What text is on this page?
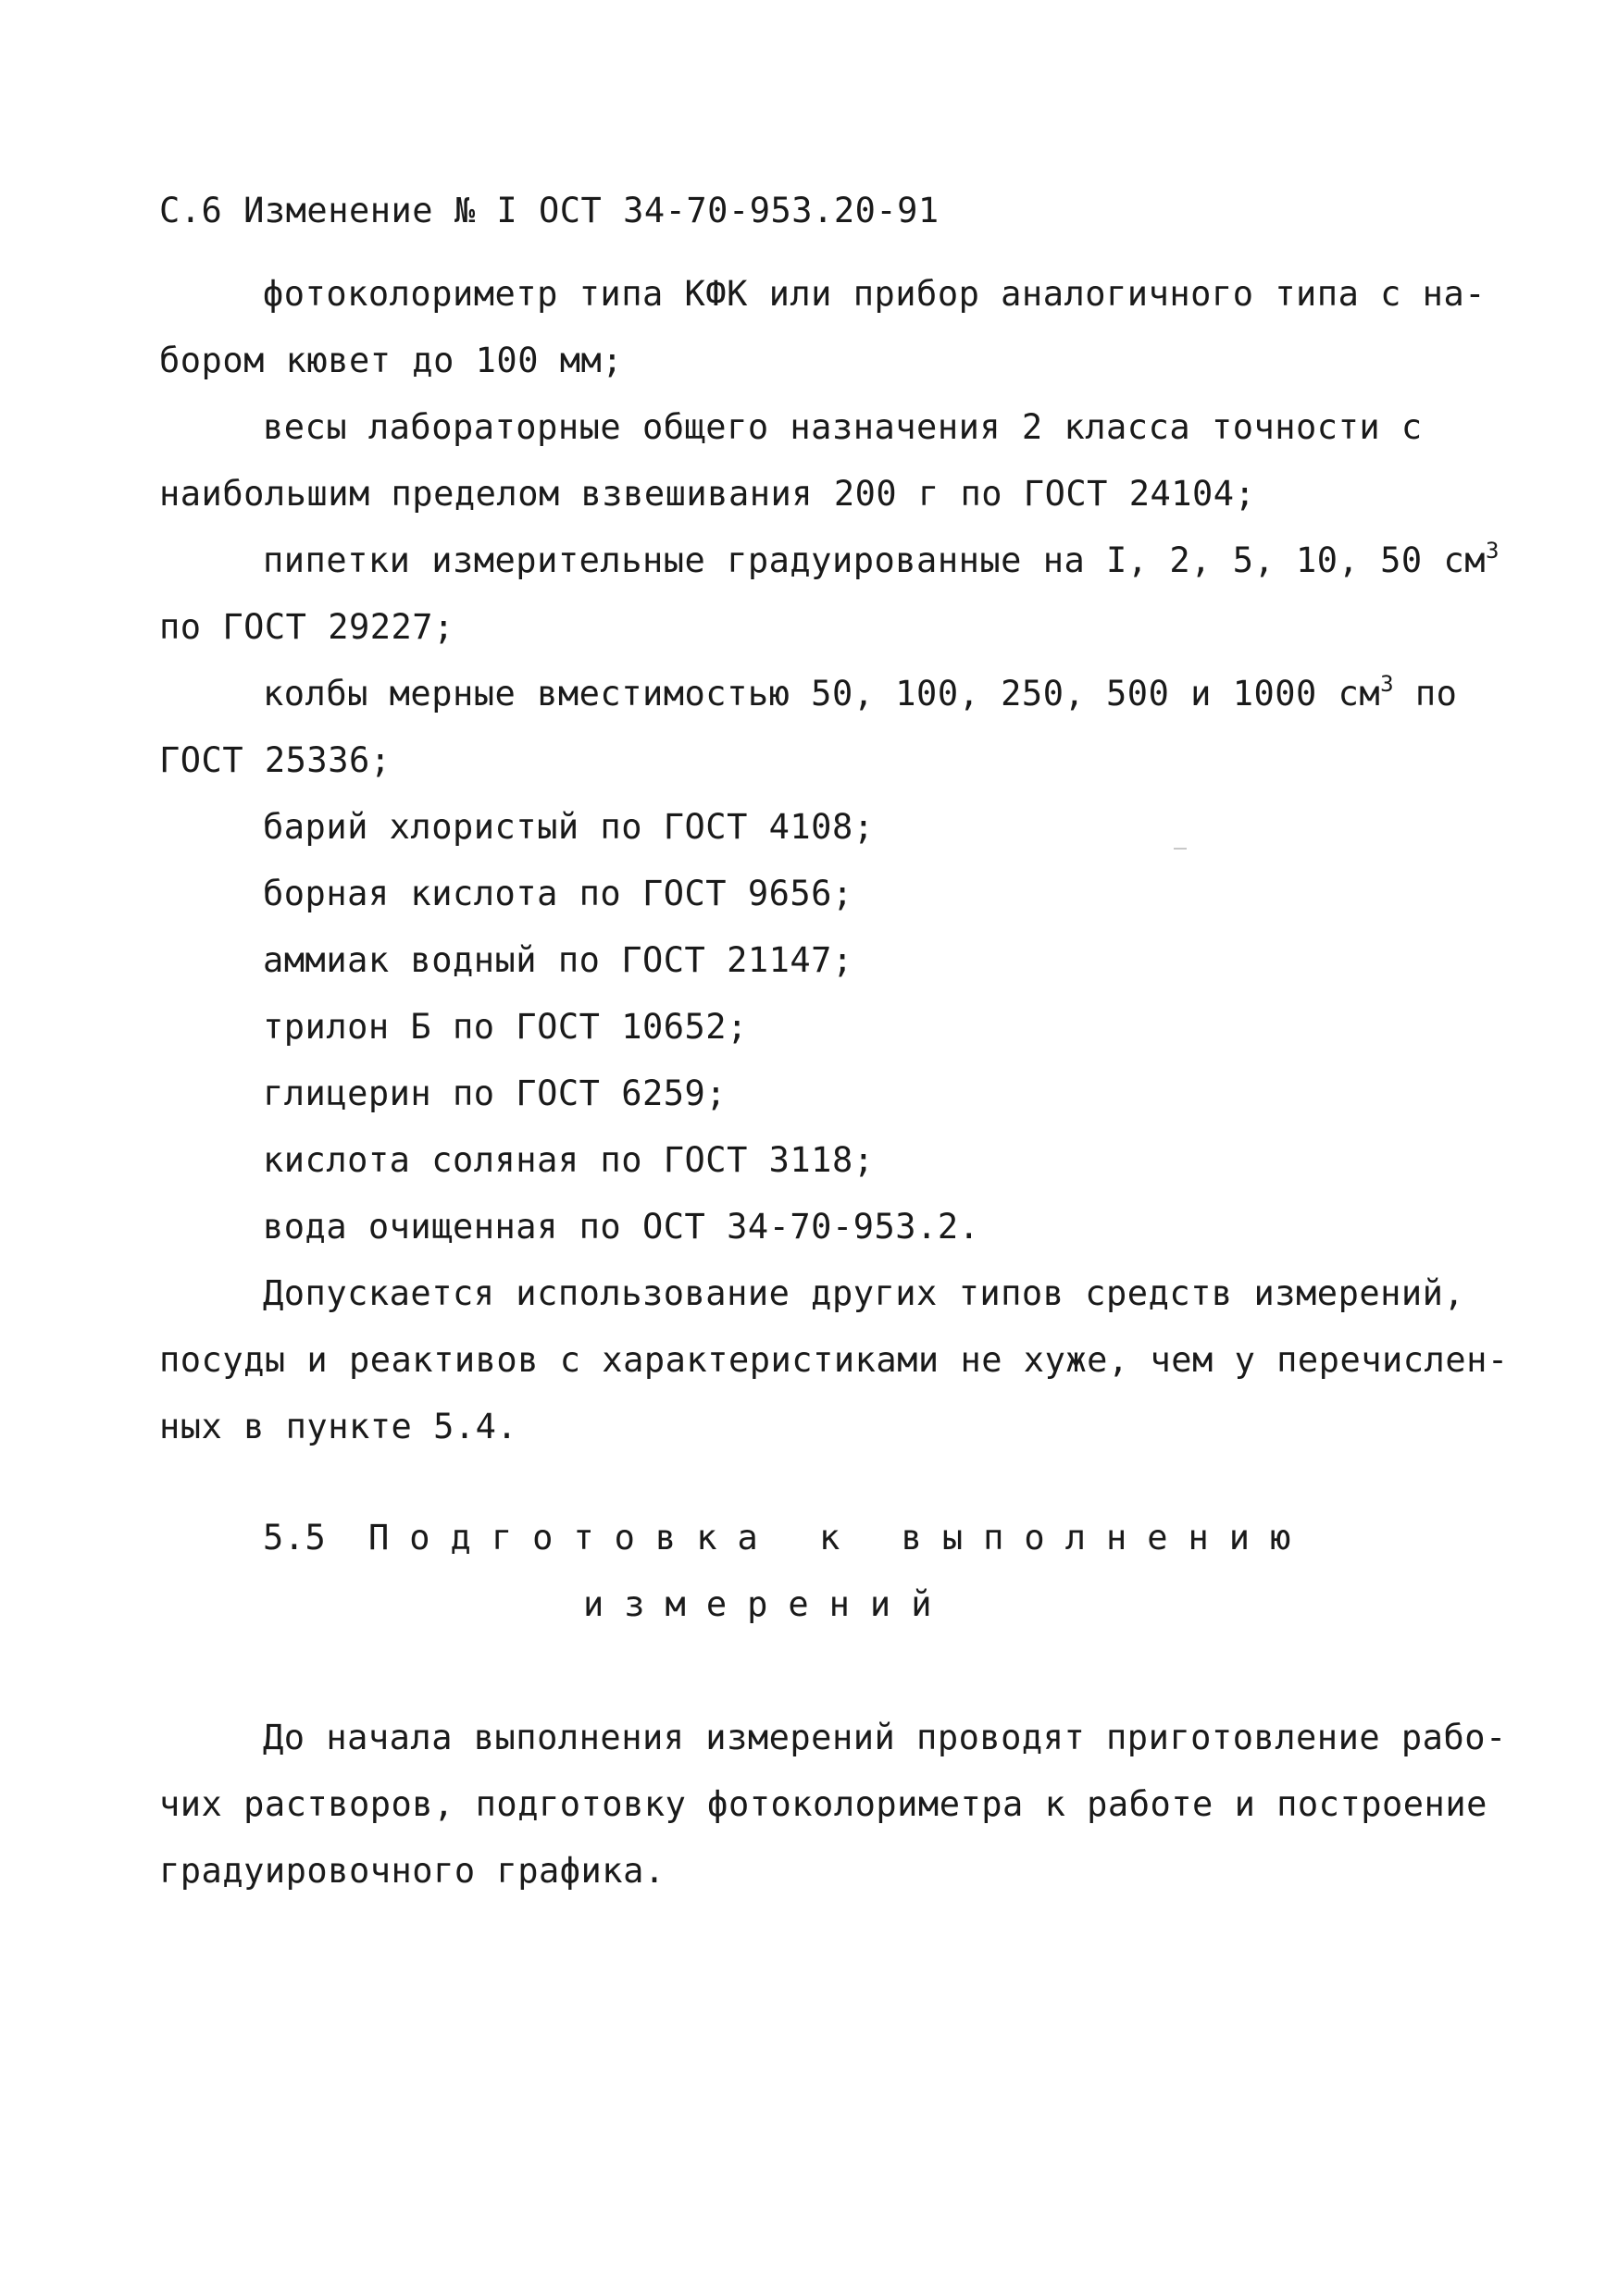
С.6 Изменение № I ОСТ 34-70-953.20-91
фотоколориметр типа КФК или прибор аналогичного типа с на-
бором кювет до 100 мм;
весы лабораторные общего назначения 2 класса точности с
наибольшим пределом взвешивания 200 г по ГОСТ 24104;
пипетки измерительные градуированные на I, 2, 5, 10, 50 $см^3$
по ГОСТ 29227;
колбы мерные вместимостью 50, 100, 250, 500 и 1000 $см^3$ по
ГОСТ 25336;
барий хлористый по ГОСТ 4108;
борная кислота по ГОСТ 9656;
аммиак водный по ГОСТ 21147;
трилон Б по ГОСТ 10652;
глицерин по ГОСТ 6259;
кислота соляная по ГОСТ 3118;
вода очищенная по ОСТ 34-70-953.2.
Допускается использование других типов средств измерений,
посуды и реактивов с характеристиками не хуже, чем у перечислен-
ных в пункте 5.4.
5.5 Подготовка к выполнению
измерений
До начала выполнения измерений проводят приготовление рабо-
чих растворов, подготовку фотоколориметра к работе и построение
градуировочного графика.
